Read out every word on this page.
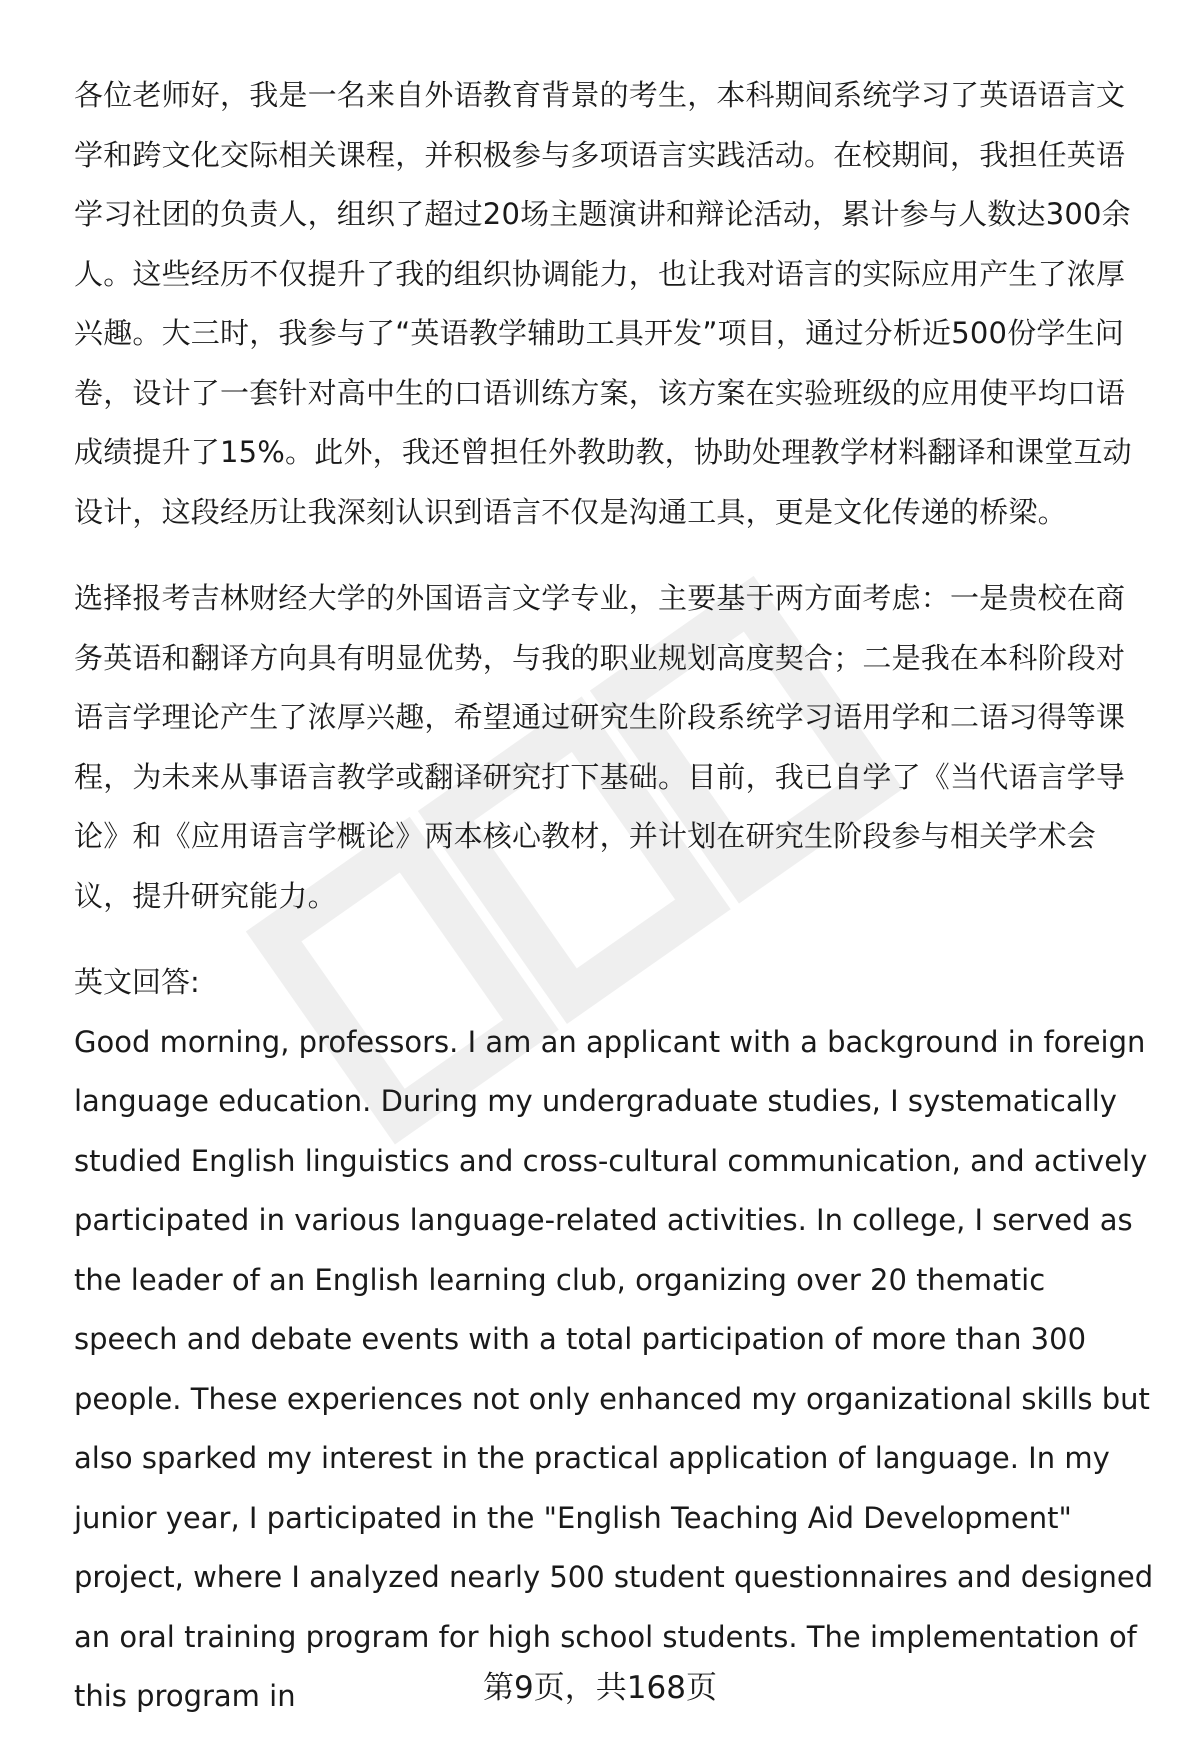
各位老师好，我是一名来自外语教育背景的考生，本科期间系统学习了英语语言文学和跨文化交际相关课程，并积极参与多项语言实践活动。在校期间，我担任英语学习社团的负责人，组织了超过20场主题演讲和辩论活动，累计参与人数达300余人。这些经历不仅提升了我的组织协调能力，也让我对语言的实际应用产生了浓厚兴趣。大三时，我参与了“英语教学辅助工具开发”项目，通过分析近500份学生问卷，设计了一套针对高中生的口语训练方案，该方案在实验班级的应用使平均口语成绩提升了15%。此外，我还曾担任外教助教，协助处理教学材料翻译和课堂互动设计，这段经历让我深刻认识到语言不仅是沟通工具，更是文化传递的桥梁。

选择报考吉林财经大学的外国语言文学专业，主要基于两方面考虑：一是贵校在商务英语和翻译方向具有明显优势，与我的职业规划高度契合；二是我在本科阶段对语言学理论产生了浓厚兴趣，希望通过研究生阶段系统学习语用学和二语习得等课程，为未来从事语言教学或翻译研究打下基础。目前，我已自学了《当代语言学导论》和《应用语言学概论》两本核心教材，并计划在研究生阶段参与相关学术会议，提升研究能力。

英文回答:

Good morning, professors. I am an applicant with a background in foreign language education. During my undergraduate studies, I systematically studied English linguistics and cross-cultural communication, and actively participated in various language-related activities. In college, I served as the leader of an English learning club, organizing over 20 thematic speech and debate events with a total participation of more than 300 people. These experiences not only enhanced my organizational skills but also sparked my interest in the practical application of language. In my junior year, I participated in the "English Teaching Aid Development" project, where I analyzed nearly 500 student questionnaires and designed an oral training program for high school students. The implementation of this program in	第9页，共168页
